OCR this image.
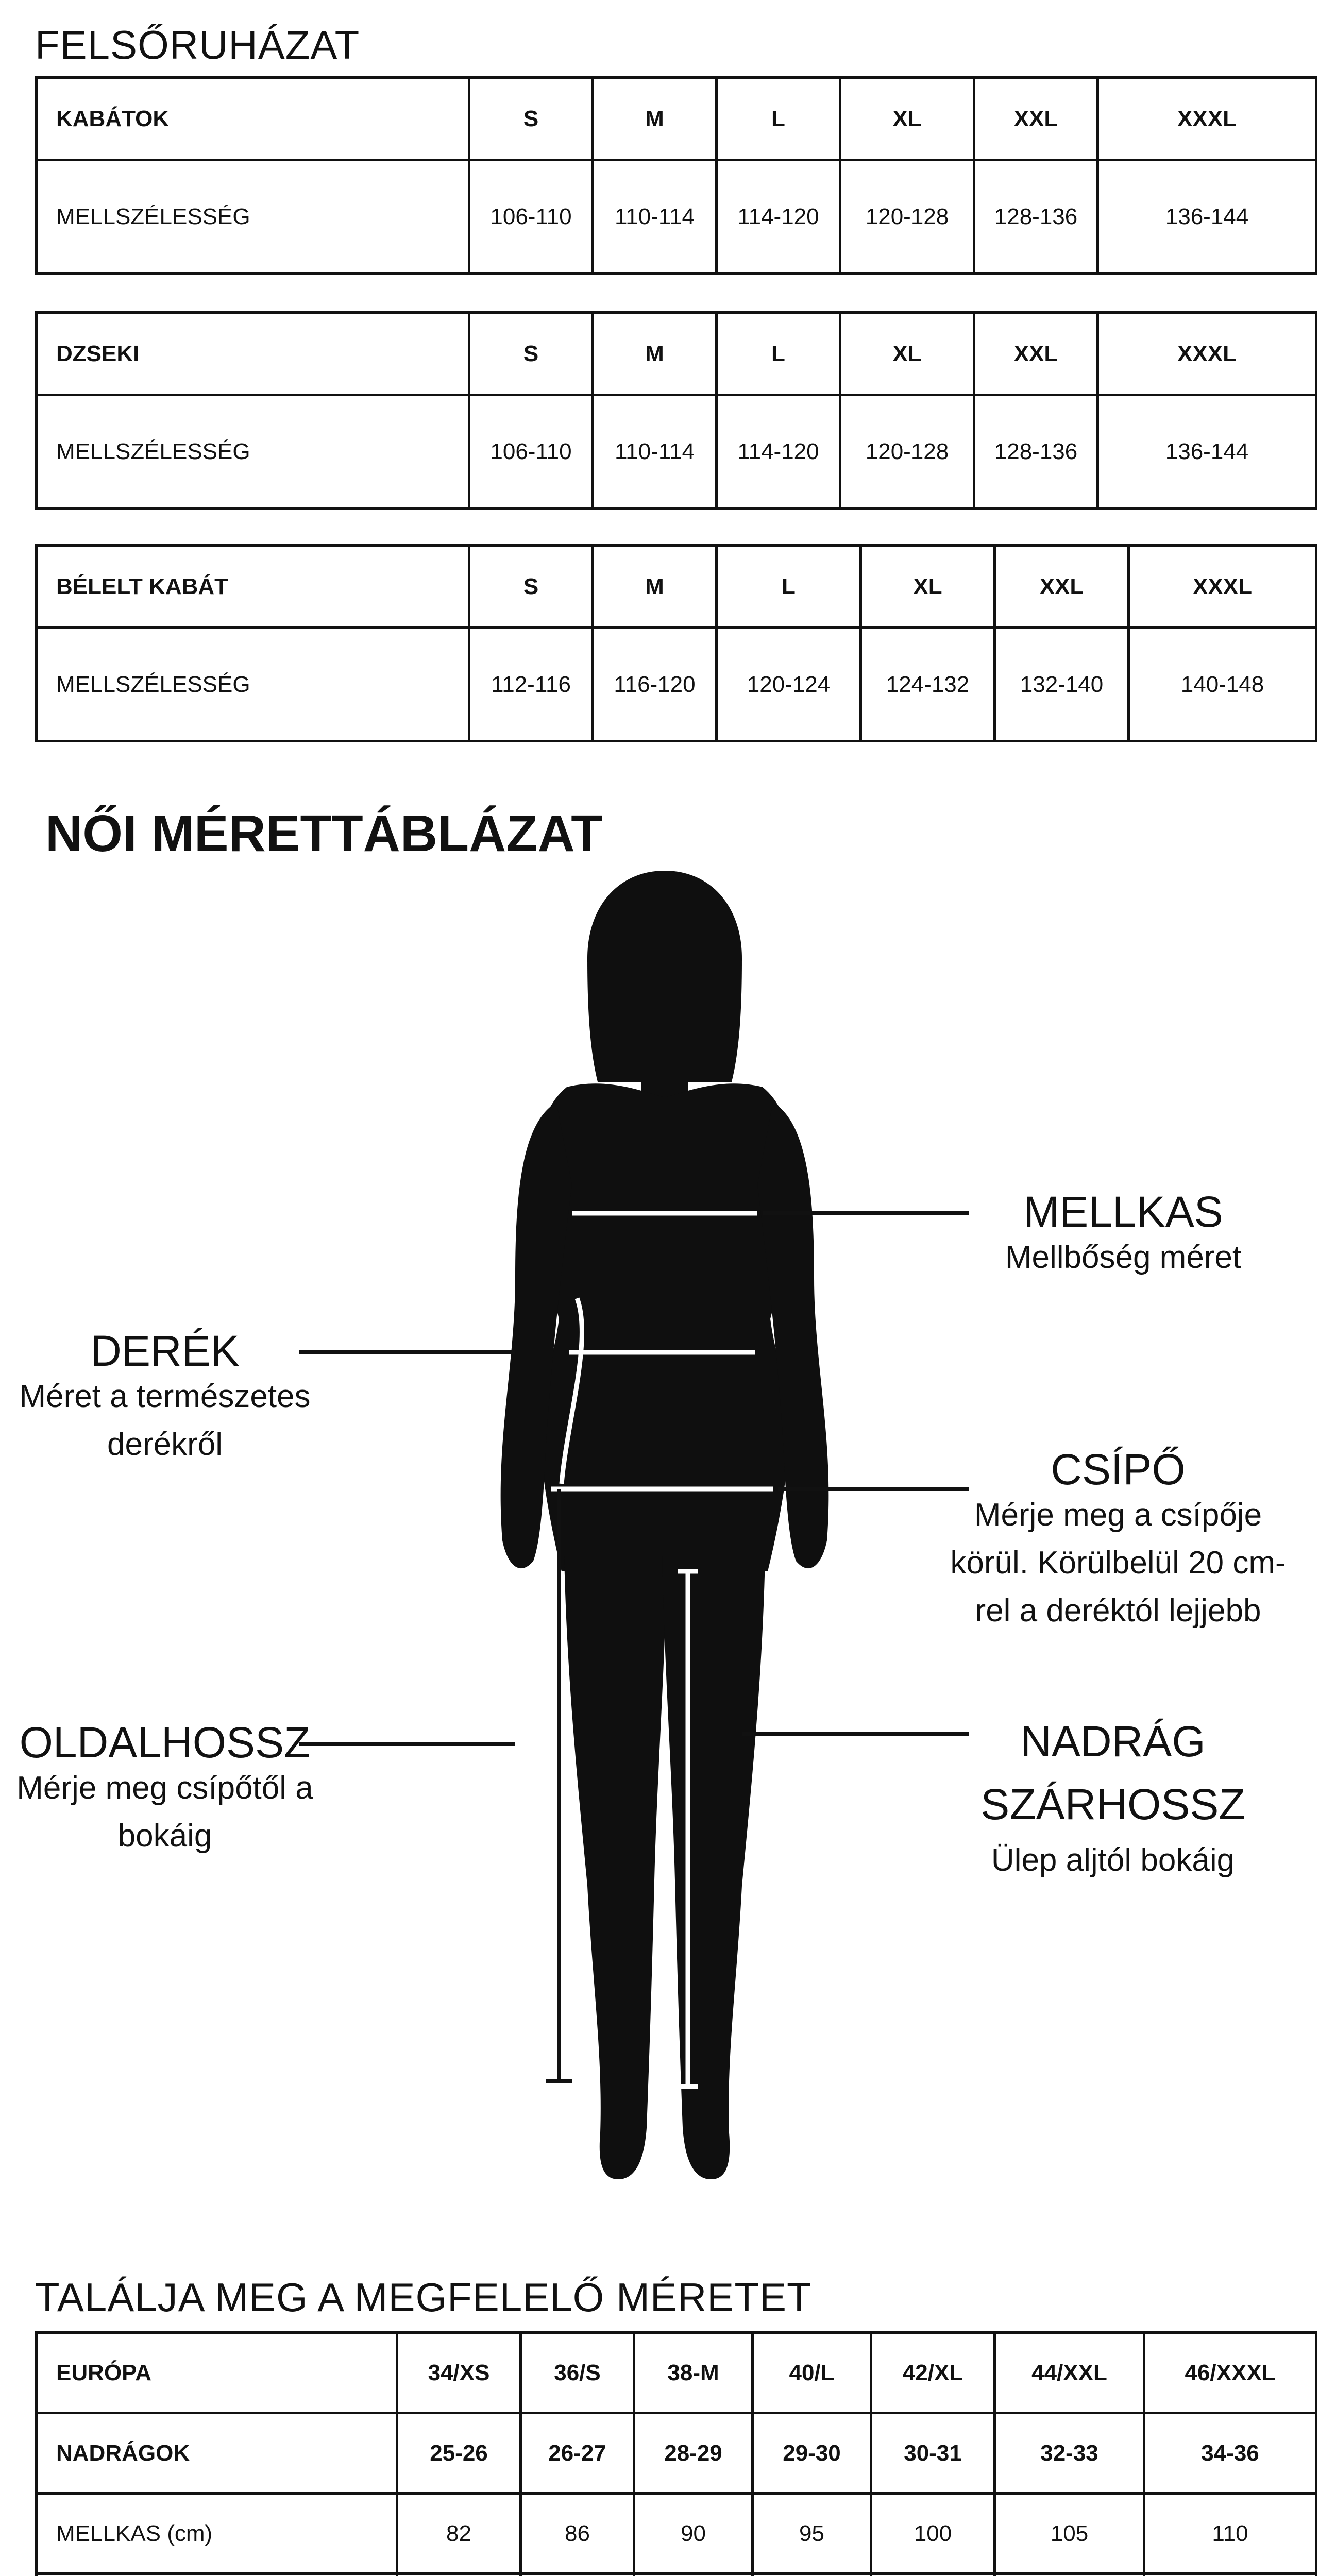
FELSŐRUHÁZAT
KABÁTOK	S	M	L	XL	XXL	XXXL
MELLSZÉLESSÉG	106-110	110-114	114-120	120-128	128-136	136-144
DZSEKI	S	M	L	XL	XXL	XXXL
MELLSZÉLESSÉG	106-110	110-114	114-120	120-128	128-136	136-144
BÉLELT KABÁT	S	M	L	XL	XXL	XXXL
MELLSZÉLESSÉG	112-116	116-120	120-124	124-132	132-140	140-148
NŐI MÉRETTÁBLÁZAT
MELLKAS
Mellbőség méret
DERÉK
Méret a természetes derékről
CSÍPŐ
Mérje meg a csípője körül. Körülbelül 20 cm-rel a deréktól lejjebb
OLDALHOSSZ
Mérje meg csípőtől a bokáig
NADRÁG SZÁRHOSSZ
Ülep aljtól bokáig
TALÁLJA MEG A MEGFELELŐ MÉRETET
EURÓPA	34/XS	36/S	38-M	40/L	42/XL	44/XXL	46/XXXL
NADRÁGOK	25-26	26-27	28-29	29-30	30-31	32-33	34-36
MELLKAS (cm)	82	86	90	95	100	105	110
